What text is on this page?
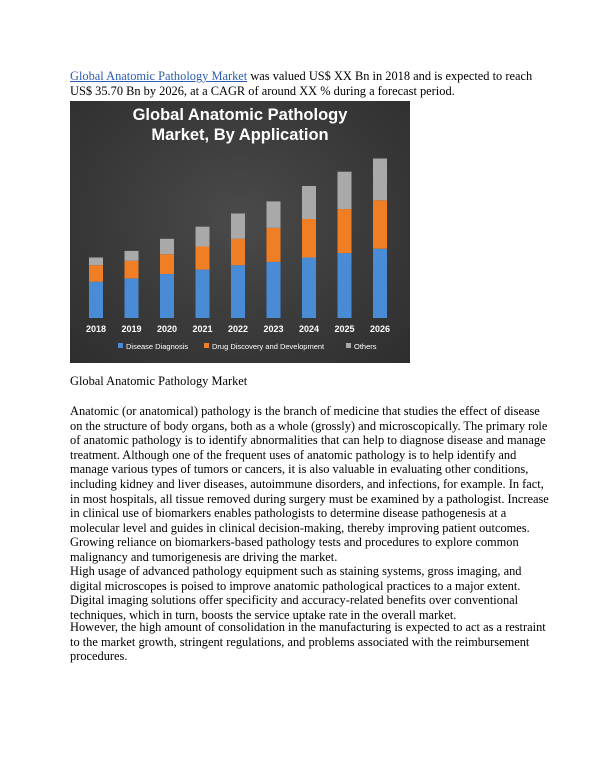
Global Anatomic Pathology Market was valued US$ XX Bn in 2018 and is expected to reach US$ 35.70 Bn by 2026, at a CAGR of around XX % during a forecast period.

Global Anatomic Pathology
Market, By Application
2018 2019 2020 2021 2022 2023 2024 2025 2026
Disease Diagnosis	Drug Discovery and Development	Others

Global Anatomic Pathology Market

Anatomic (or anatomical) pathology is the branch of medicine that studies the effect of disease on the structure of body organs, both as a whole (grossly) and microscopically. The primary role of anatomic pathology is to identify abnormalities that can help to diagnose disease and manage treatment. Although one of the frequent uses of anatomic pathology is to help identify and manage various types of tumors or cancers, it is also valuable in evaluating other conditions, including kidney and liver diseases, autoimmune disorders, and infections, for example. In fact, in most hospitals, all tissue removed during surgery must be examined by a pathologist. Increase in clinical use of biomarkers enables pathologists to determine disease pathogenesis at a molecular level and guides in clinical decision-making, thereby improving patient outcomes. Growing reliance on biomarkers-based pathology tests and procedures to explore common malignancy and tumorigenesis are driving the market.

High usage of advanced pathology equipment such as staining systems, gross imaging, and digital microscopes is poised to improve anatomic pathological practices to a major extent. Digital imaging solutions offer specificity and accuracy-related benefits over conventional techniques, which in turn, boosts the service uptake rate in the overall market.

However, the high amount of consolidation in the manufacturing is expected to act as a restraint to the market growth, stringent regulations, and problems associated with the reimbursement procedures.
